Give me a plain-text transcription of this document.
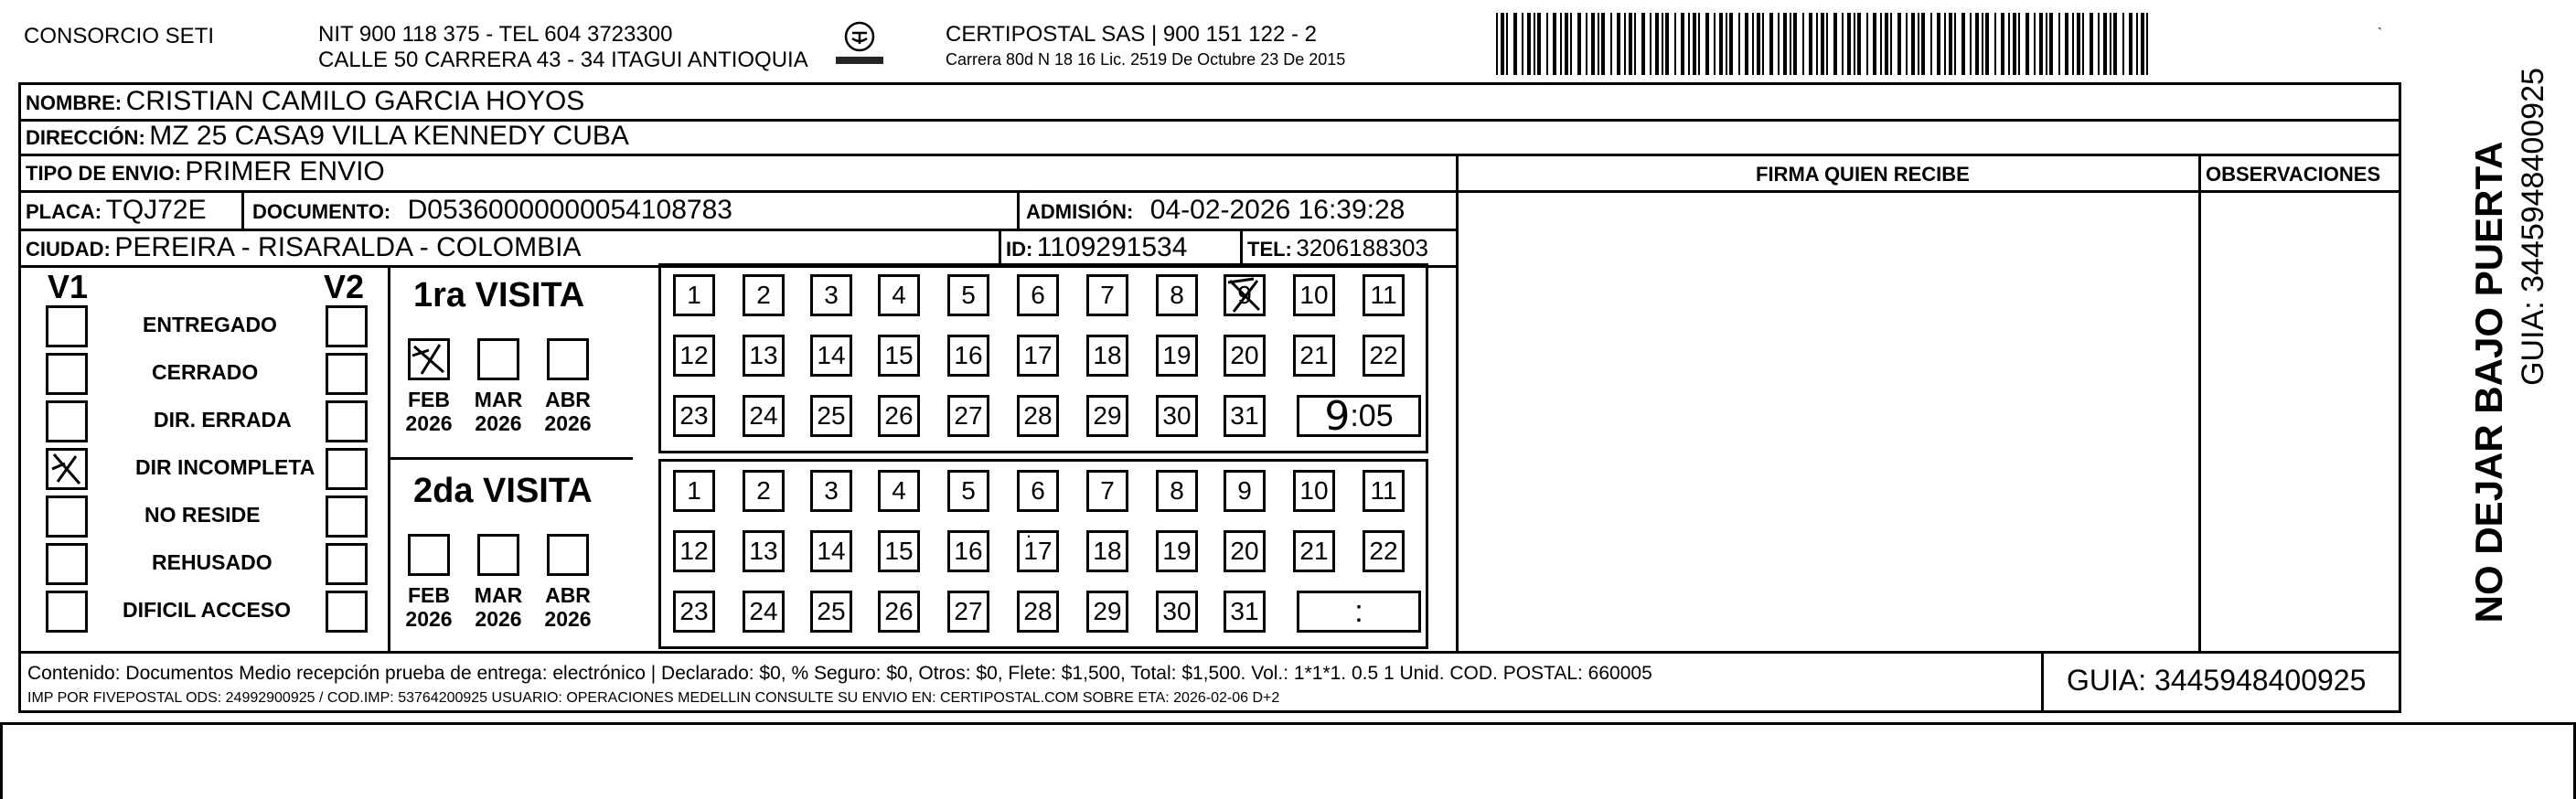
CONSORCIO SETI	NIT 900 118 375 - TEL 604 3723300
CALLE 50 CARRERA 43 - 34 ITAGUI ANTIOQUIA
CERTIPOSTAL SAS | 900 151 122 - 2
Carrera 80d N 18 16 Lic. 2519 De Octubre 23 De 2015
`
NOMBRE: CRISTIAN CAMILO GARCIA HOYOS
DIRECCIÓN: MZ 25 CASA9 VILLA KENNEDY CUBA
TIPO DE ENVIO: PRIMER ENVIO	FIRMA QUIEN RECIBE	OBSERVACIONES
PLACA: TQJ72E DOCUMENTO: D05360000000054108783	ADMISIÓN: 04-02-2026 16:39:28
CIUDAD: PEREIRA - RISARALDA - COLOMBIA	ID: 1109291534	TEL: 3206188303
V1	V2
ENTREGADO
CERRADO
DIR. ERRADA
DIR INCOMPLETA
NO RESIDE
REHUSADO
DIFICIL ACCESO
1ra VISITA
FEB
2026
MAR
2026
ABR
2026
1 2 3 4 5 6 7 8 9 10 11
12 13 14 15 16 17 18 19 20 21 22
23 24 25 26 27 28 29 30 31 9 :05
2da VISITA
FEB
2026
MAR
2026
ABR
2026
1 2 3 4 5 6 7 8 9 10 11
12 13 14 15 16 17 18 19 20 21 22
23 24 25 26 27 28 29 30 31	:
.
Contenido: Documentos Medio recepción prueba de entrega: electrónico | Declarado: $0, % Seguro: $0, Otros: $0, Flete: $1,500, Total: $1,500. Vol.: 1*1*1. 0.5 1 Unid. COD. POSTAL: 660005
IMP POR FIVEPOSTAL ODS: 24992900925 / COD.IMP: 53764200925 USUARIO: OPERACIONES MEDELLIN CONSULTE SU ENVIO EN: CERTIPOSTAL.COM SOBRE ETA: 2026-02-06 D+2
GUIA: 3445948400925
-
NO DEJAR BAJO PUERTA GUIA: 3445948400925
